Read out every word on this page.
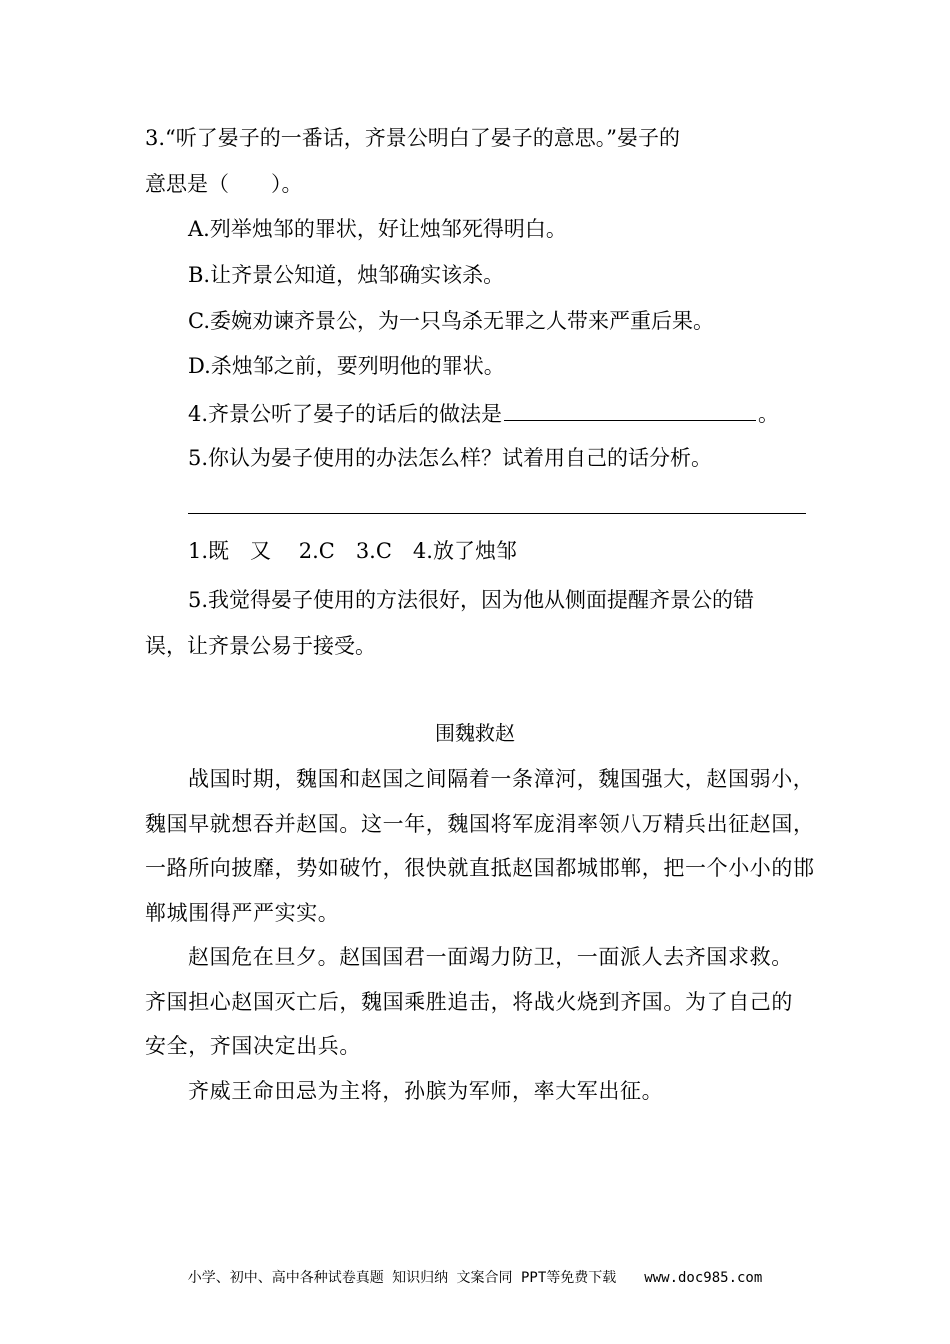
3.“听了晏子的一番话，齐景公明白了晏子的意思。”晏子的
意思是（　　）。
A.列举烛邹的罪状，好让烛邹死得明白。
B.让齐景公知道，烛邹确实该杀。
C.委婉劝谏齐景公，为一只鸟杀无罪之人带来严重后果。
D.杀烛邹之前，要列明他的罪状。
4.齐景公听了晏子的话后的做法是	。
5.你认为晏子使用的办法怎么样？试着用自己的话分析。
1.既　又　 2.C　3.C　4.放了烛邹
5.我觉得晏子使用的方法很好，因为他从侧面提醒齐景公的错
误，让齐景公易于接受。
围魏救赵
战国时期，魏国和赵国之间隔着一条漳河，魏国强大，赵国弱小，
魏国早就想吞并赵国。这一年，魏国将军庞涓率领八万精兵出征赵国，
一路所向披靡，势如破竹，很快就直抵赵国都城邯郸，把一个小小的邯
郸城围得严严实实。
赵国危在旦夕。赵国国君一面竭力防卫，一面派人去齐国求救。
齐国担心赵国灭亡后，魏国乘胜追击，将战火烧到齐国。为了自己的
安全，齐国决定出兵。
齐威王命田忌为主将，孙膑为军师，率大军出征。
小学、初中、高中各种试卷真题 知识归纳 文案合同 PPT等免费下载 www.doc985.com
